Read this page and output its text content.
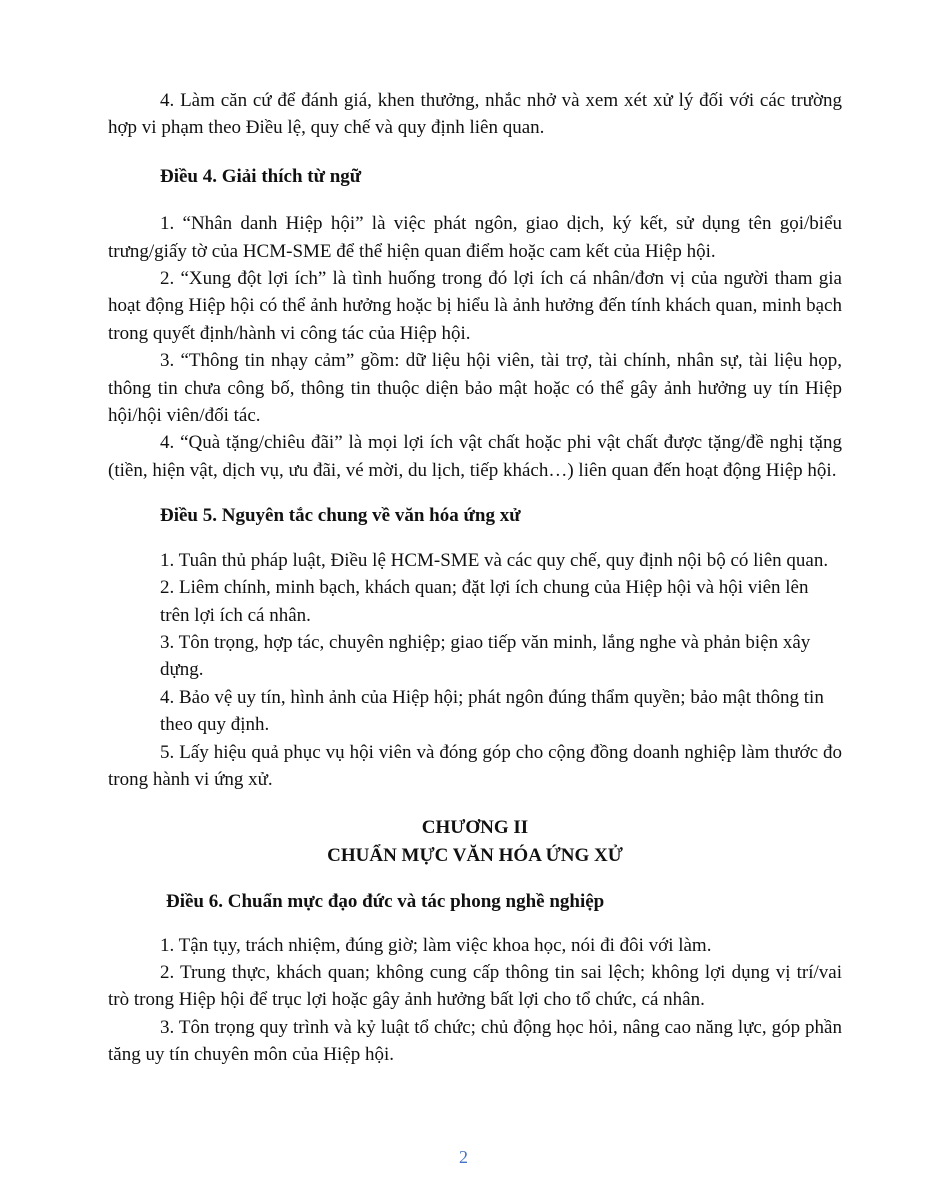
4. Làm căn cứ để đánh giá, khen thưởng, nhắc nhở và xem xét xử lý đối với các trường hợp vi phạm theo Điều lệ, quy chế và quy định liên quan.

Điều 4. Giải thích từ ngữ

1. “Nhân danh Hiệp hội” là việc phát ngôn, giao dịch, ký kết, sử dụng tên gọi/biểu trưng/giấy tờ của HCM-SME để thể hiện quan điểm hoặc cam kết của Hiệp hội.

2. “Xung đột lợi ích” là tình huống trong đó lợi ích cá nhân/đơn vị của người tham gia hoạt động Hiệp hội có thể ảnh hưởng hoặc bị hiểu là ảnh hưởng đến tính khách quan, minh bạch trong quyết định/hành vi công tác của Hiệp hội.

3. “Thông tin nhạy cảm” gồm: dữ liệu hội viên, tài trợ, tài chính, nhân sự, tài liệu họp, thông tin chưa công bố, thông tin thuộc diện bảo mật hoặc có thể gây ảnh hưởng uy tín Hiệp hội/hội viên/đối tác.

4. “Quà tặng/chiêu đãi” là mọi lợi ích vật chất hoặc phi vật chất được tặng/đề nghị tặng (tiền, hiện vật, dịch vụ, ưu đãi, vé mời, du lịch, tiếp khách…) liên quan đến hoạt động Hiệp hội.

Điều 5. Nguyên tắc chung về văn hóa ứng xử

1. Tuân thủ pháp luật, Điều lệ HCM-SME và các quy chế, quy định nội bộ có liên quan.

2. Liêm chính, minh bạch, khách quan; đặt lợi ích chung của Hiệp hội và hội viên lên trên lợi ích cá nhân.

3. Tôn trọng, hợp tác, chuyên nghiệp; giao tiếp văn minh, lắng nghe và phản biện xây dựng.

4. Bảo vệ uy tín, hình ảnh của Hiệp hội; phát ngôn đúng thẩm quyền; bảo mật thông tin theo quy định.

5. Lấy hiệu quả phục vụ hội viên và đóng góp cho cộng đồng doanh nghiệp làm thước đo trong hành vi ứng xử.

CHƯƠNG II

CHUẨN MỰC VĂN HÓA ỨNG XỬ

Điều 6. Chuẩn mực đạo đức và tác phong nghề nghiệp

1. Tận tụy, trách nhiệm, đúng giờ; làm việc khoa học, nói đi đôi với làm.

2. Trung thực, khách quan; không cung cấp thông tin sai lệch; không lợi dụng vị trí/vai trò trong Hiệp hội để trục lợi hoặc gây ảnh hưởng bất lợi cho tổ chức, cá nhân.

3. Tôn trọng quy trình và kỷ luật tổ chức; chủ động học hỏi, nâng cao năng lực, góp phần tăng uy tín chuyên môn của Hiệp hội.

2
